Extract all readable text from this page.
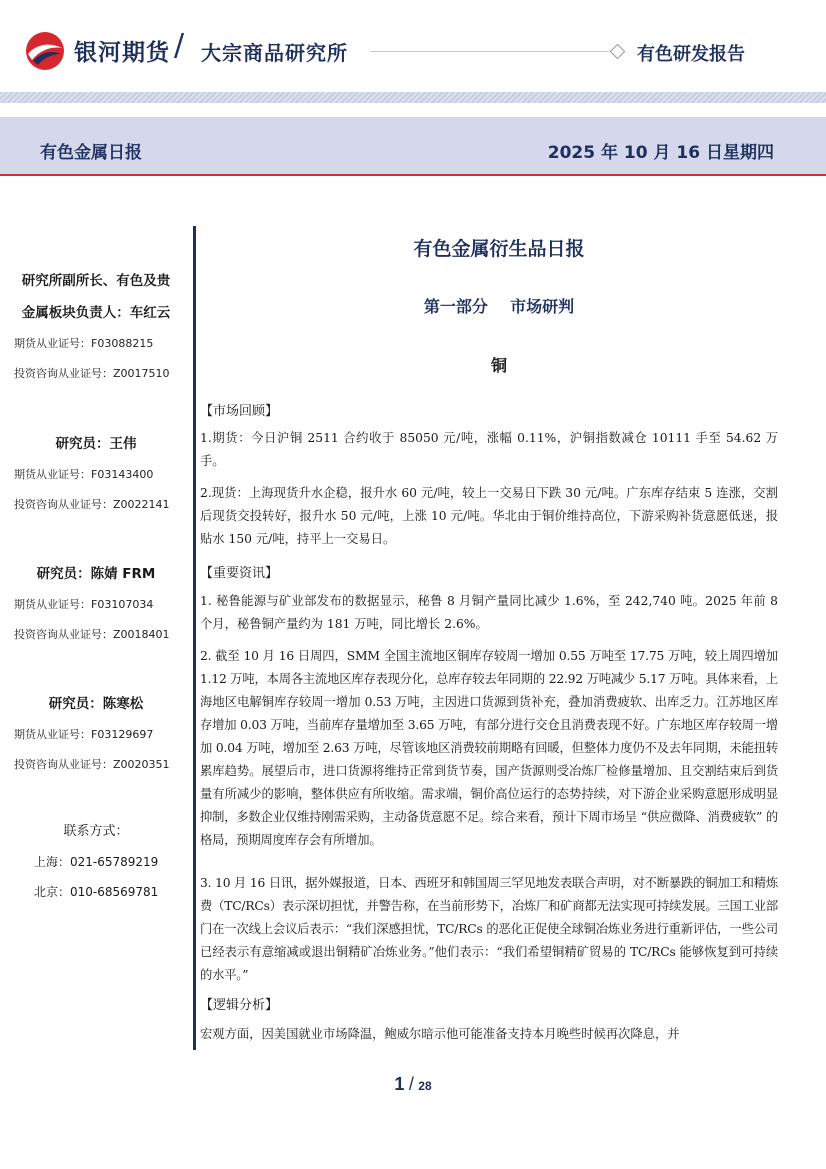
银河期货 / 大宗商品研究所	有色研发报告
有色金属日报	2025 年 10 月 16 日星期四
研究所副所长、有色及贵
金属板块负责人：车红云
期货从业证号：F03088215
投资咨询从业证号：Z0017510
研究员：王伟
期货从业证号：F03143400
投资咨询从业证号：Z0022141
研究员：陈婧 FRM
期货从业证号：F03107034
投资咨询从业证号：Z0018401
研究员：陈寒松
期货从业证号：F03129697
投资咨询从业证号：Z0020351
联系方式：
上海：021-65789219
北京：010-68569781
有色金属衍生品日报
第一部分    市场研判
铜
【市场回顾】
1.期货：今日沪铜 2511 合约收于 85050 元/吨，涨幅 0.11%，沪铜指数减仓 10111 手至 54.62 万手。
2.现货：上海现货升水企稳，报升水 60 元/吨，较上一交易日下跌 30 元/吨。广东库存结束 5 连涨，交割后现货交投转好，报升水 50 元/吨，上涨 10 元/吨。华北由于铜价维持高位，下游采购补货意愿低迷，报贴水 150 元/吨，持平上一交易日。
【重要资讯】
1. 秘鲁能源与矿业部发布的数据显示，秘鲁 8 月铜产量同比减少 1.6%，至 242,740 吨。2025 年前 8 个月，秘鲁铜产量约为 181 万吨，同比增长 2.6%。
2. 截至 10 月 16 日周四，SMM 全国主流地区铜库存较周一增加 0.55 万吨至 17.75 万吨，较上周四增加 1.12 万吨，本周各主流地区库存表现分化，总库存较去年同期的 22.92 万吨减少 5.17 万吨。具体来看，上海地区电解铜库存较周一增加 0.53 万吨，主因进口货源到货补充，叠加消费疲软、出库乏力。江苏地区库存增加 0.03 万吨，当前库存量增加至 3.65 万吨，有部分进行交仓且消费表现不好。广东地区库存较周一增加 0.04 万吨，增加至 2.63 万吨，尽管该地区消费较前期略有回暖，但整体力度仍不及去年同期，未能扭转累库趋势。展望后市，进口货源将维持正常到货节奏，国产货源则受冶炼厂检修量增加、且交割结束后到货量有所减少的影响，整体供应有所收缩。需求端，铜价高位运行的态势持续，对下游企业采购意愿形成明显抑制，多数企业仅维持刚需采购，主动备货意愿不足。综合来看，预计下周市场呈 “供应微降、消费疲软” 的格局，预期周度库存会有所增加。
3. 10 月 16 日讯，据外媒报道，日本、西班牙和韩国周三罕见地发表联合声明，对不断暴跌的铜加工和精炼费（TC/RCs）表示深切担忧，并警告称，在当前形势下，冶炼厂和矿商都无法实现可持续发展。三国工业部门在一次线上会议后表示：“我们深感担忧，TC/RCs 的恶化正促使全球铜冶炼业务进行重新评估，一些公司已经表示有意缩减或退出铜精矿冶炼业务。”他们表示：“我们希望铜精矿贸易的 TC/RCs 能够恢复到可持续的水平。”
【逻辑分析】
宏观方面，因美国就业市场降温，鲍威尔暗示他可能准备支持本月晚些时候再次降息，并
1 / 28
